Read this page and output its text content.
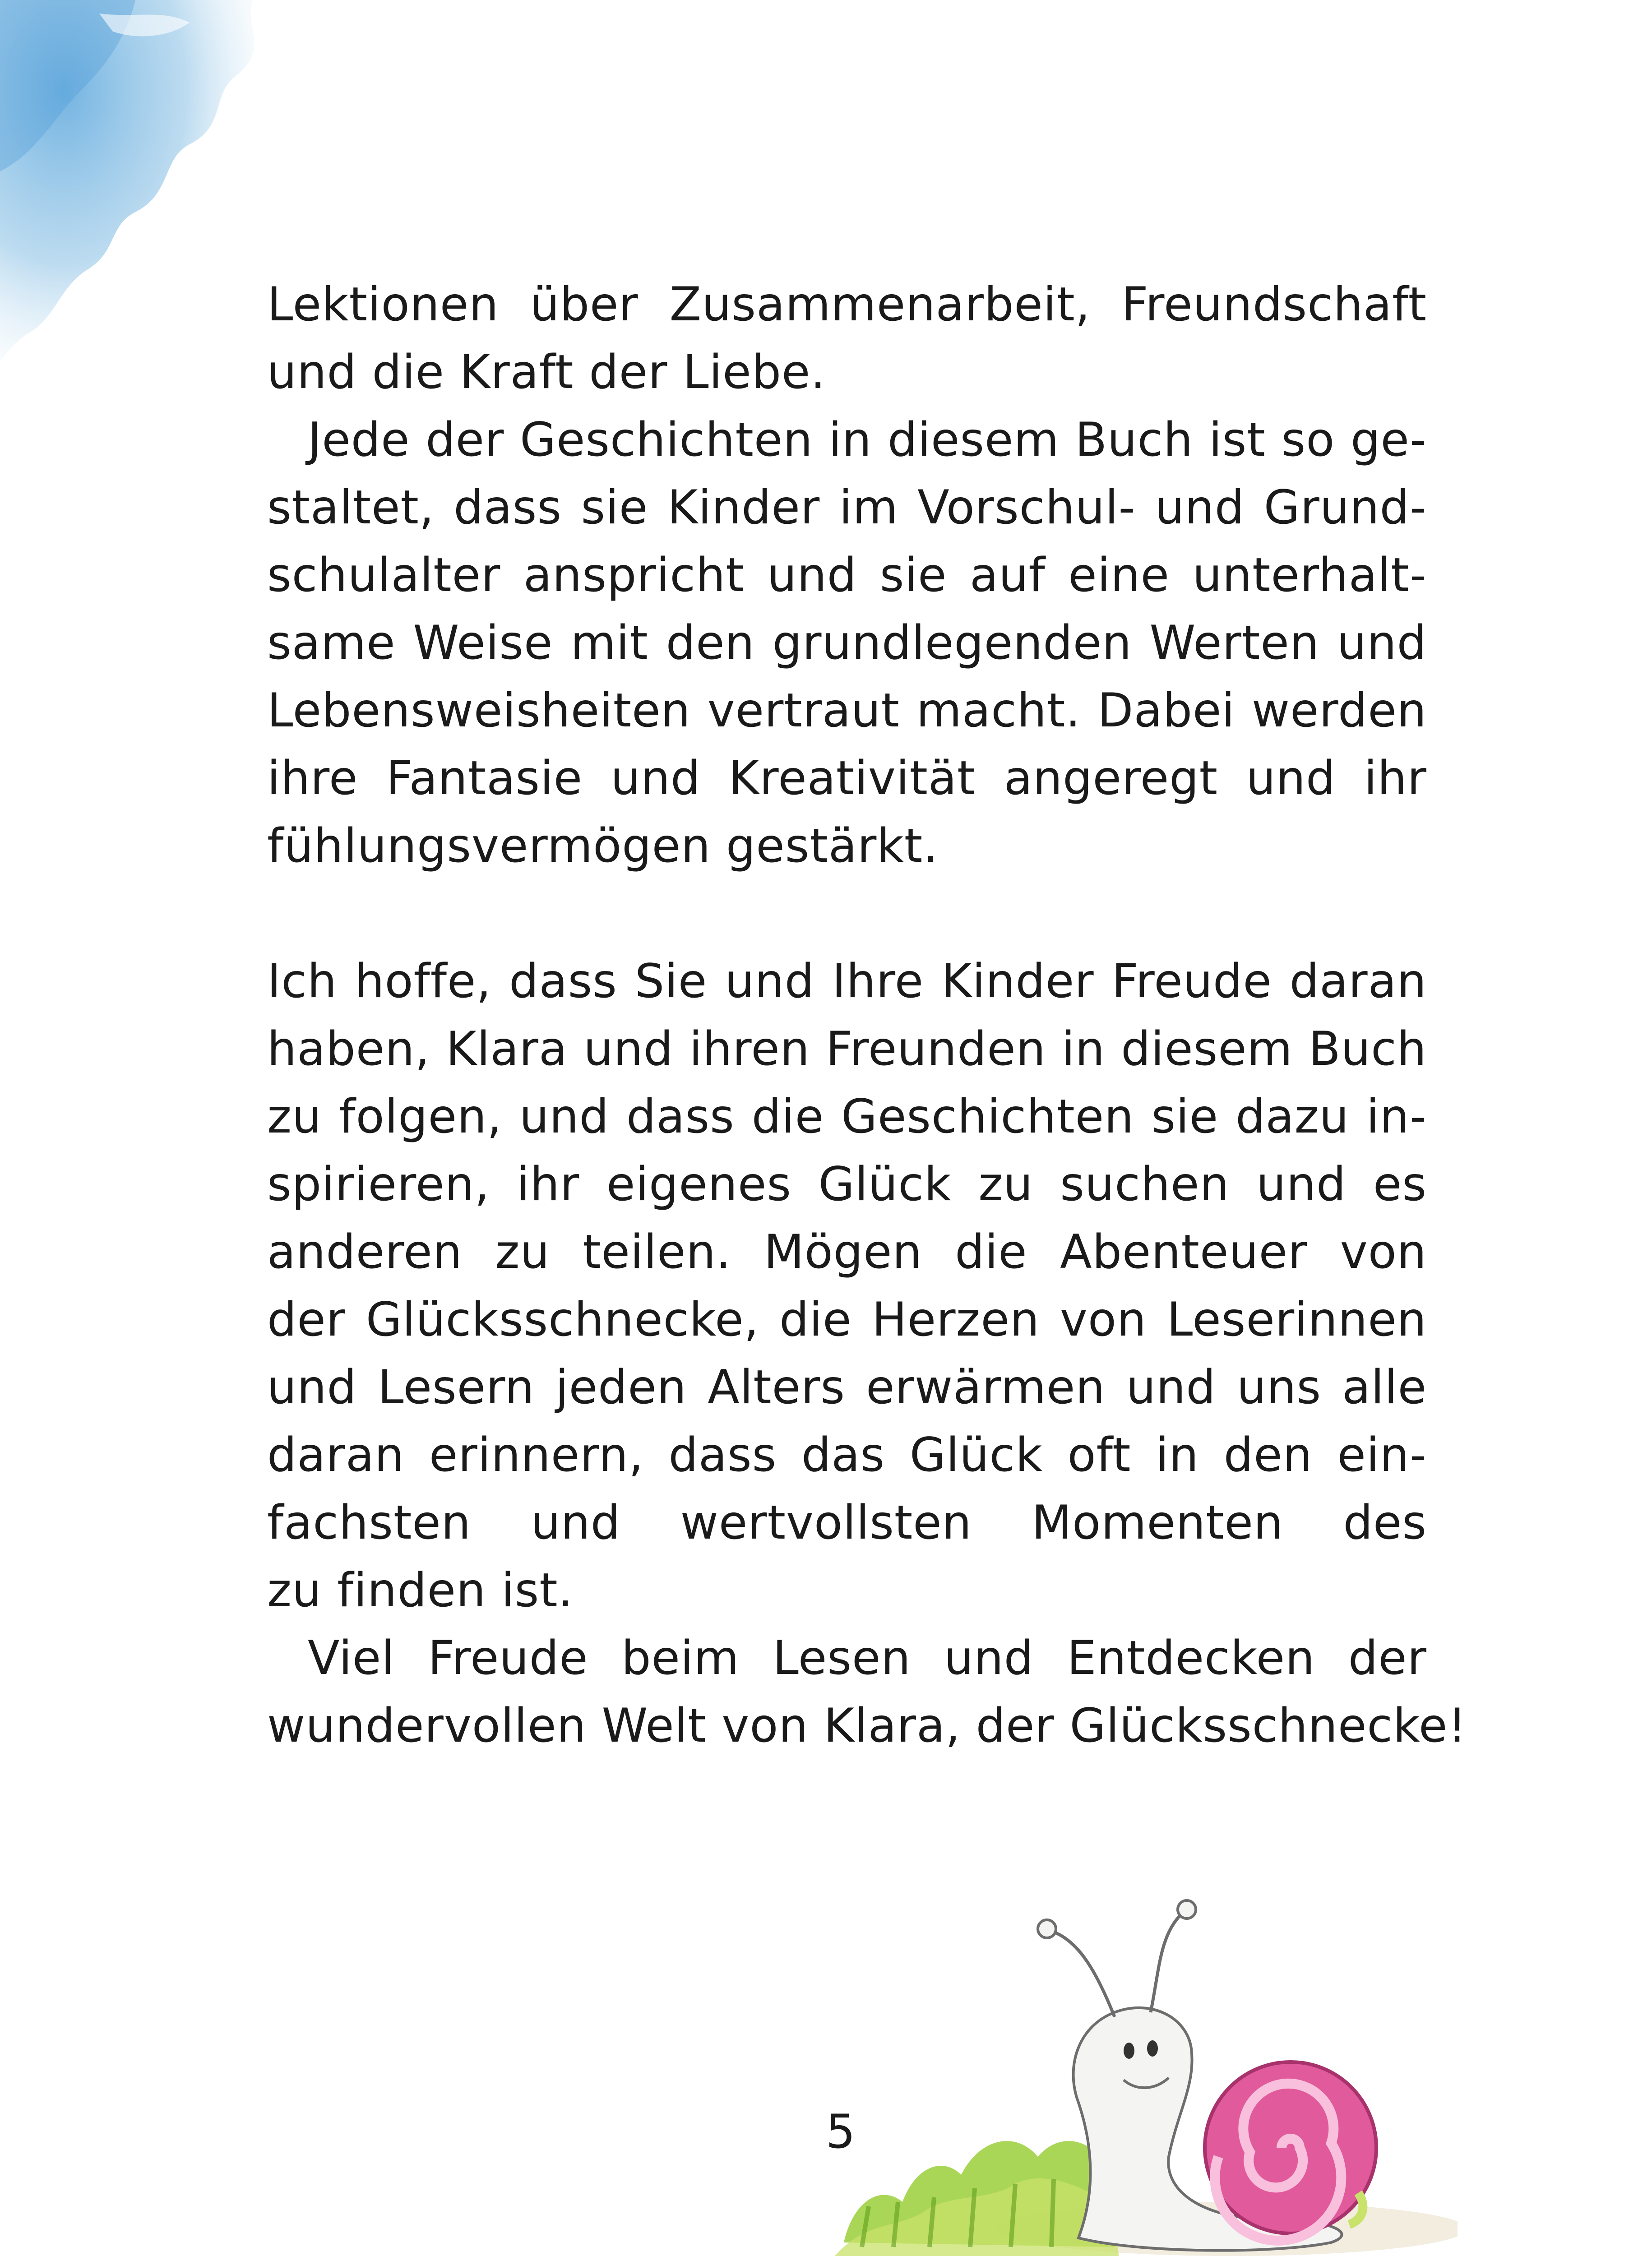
Lektionen über Zusammenarbeit, Freundschaft
und die Kraft der Liebe.
Jede der Geschichten in diesem Buch ist so ge-
staltet, dass sie Kinder im Vorschul- und Grund-
schulalter anspricht und sie auf eine unterhalt-
same Weise mit den grundlegenden Werten und
Lebensweisheiten vertraut macht. Dabei werden
ihre Fantasie und Kreativität angeregt und ihr
fühlungsvermögen gestärkt.
Ich hoffe, dass Sie und Ihre Kinder Freude daran
haben, Klara und ihren Freunden in diesem Buch
zu folgen, und dass die Geschichten sie dazu in-
spirieren, ihr eigenes Glück zu suchen und es
anderen zu teilen. Mögen die Abenteuer von
der Glücksschnecke, die Herzen von Leserinnen
und Lesern jeden Alters erwärmen und uns alle
daran erinnern, dass das Glück oft in den ein-
fachsten und wertvollsten Momenten des
zu finden ist.
Viel Freude beim Lesen und Entdecken der
wundervollen Welt von Klara, der Glücksschnecke!
5
